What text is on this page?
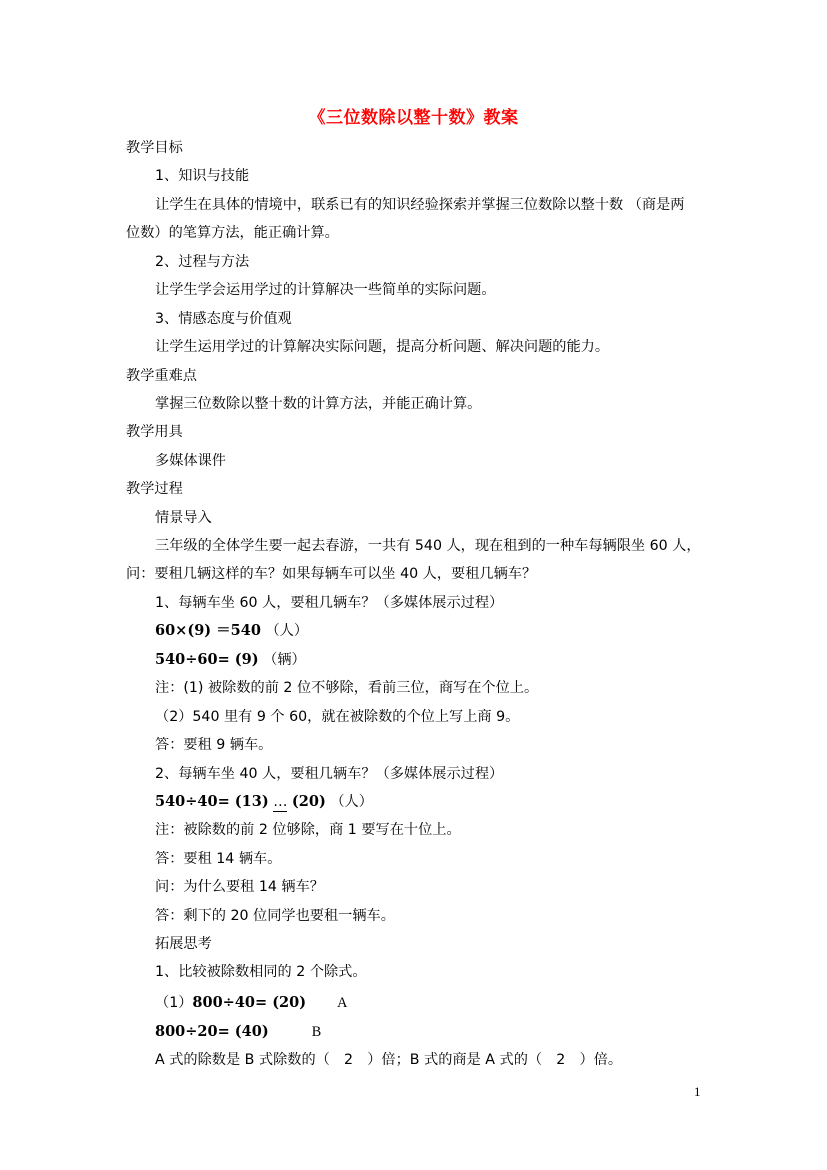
《三位数除以整十数》教案
教学目标
1、知识与技能
让学生在具体的情境中，联系已有的知识经验探索并掌握三位数除以整十数 （商是两
位数）的笔算方法，能正确计算。
2、过程与方法
让学生学会运用学过的计算解决一些简单的实际问题。
3、情感态度与价值观
让学生运用学过的计算解决实际问题，提高分析问题、解决问题的能力。
教学重难点
掌握三位数除以整十数的计算方法，并能正确计算。
教学用具
多媒体课件
教学过程
情景导入
三年级的全体学生要一起去春游，一共有 540 人，现在租到的一种车每辆限坐 60 人，
问：要租几辆这样的车？如果每辆车可以坐 40 人，要租几辆车？
1、每辆车坐 60 人，要租几辆车？（多媒体展示过程）
60×(9) ＝540 （人）
540÷60= (9) （辆）
注：(1) 被除数的前 2 位不够除，看前三位，商写在个位上。
（2）540 里有 9 个 60，就在被除数的个位上写上商 9。
答：要租 9 辆车。
2、每辆车坐 40 人，要租几辆车？（多媒体展示过程）
540÷40= (13) … (20) （人）
注：被除数的前 2 位够除，商 1 要写在十位上。
答：要租 14 辆车。
问：为什么要租 14 辆车？
答：剩下的 20 位同学也要租一辆车。
拓展思考
1、比较被除数相同的 2 个除式。
（1）800÷40= (20) A
800÷20= (40)	B
A 式的除数是 B 式除数的（　2　）倍；B 式的商是 A 式的（　2　）倍。
1
